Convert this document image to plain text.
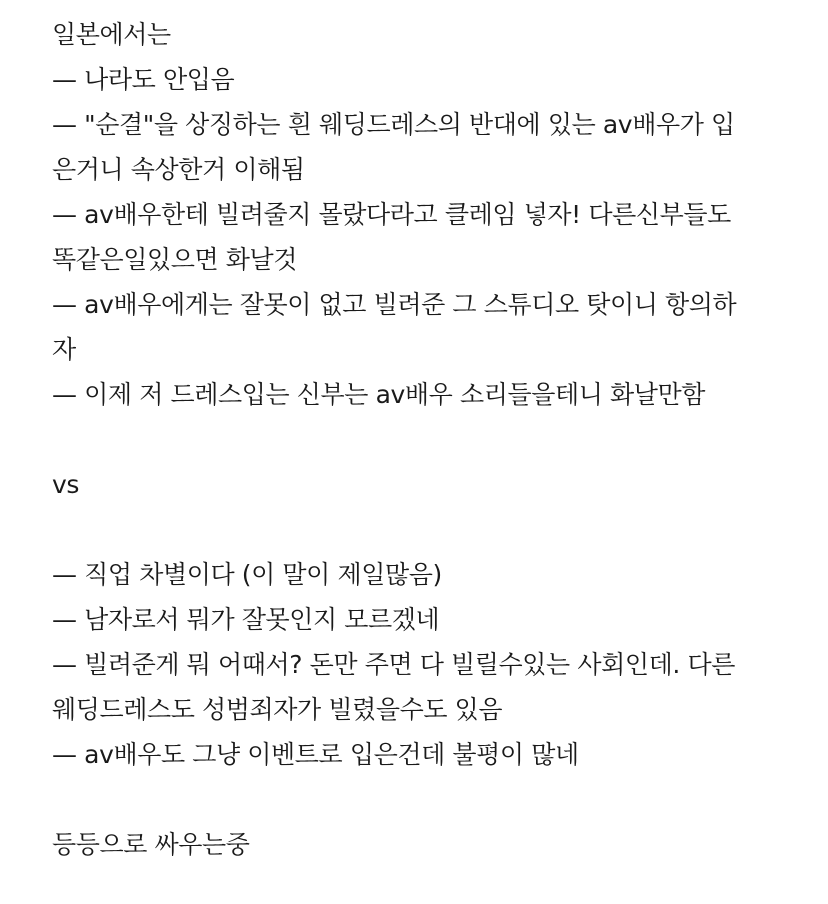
일본에서는
— 나라도 안입음
— "순결"을 상징하는 흰 웨딩드레스의 반대에 있는 av배우가 입
은거니 속상한거 이해됨
— av배우한테 빌려줄지 몰랐다라고 클레임 넣자! 다른신부들도
똑같은일있으면 화날것
— av배우에게는 잘못이 없고 빌려준 그 스튜디오 탓이니 항의하
자
— 이제 저 드레스입는 신부는 av배우 소리들을테니 화날만함
vs
— 직업 차별이다 (이 말이 제일많음)
— 남자로서 뭐가 잘못인지 모르겠네
— 빌려준게 뭐 어때서? 돈만 주면 다 빌릴수있는 사회인데. 다른
웨딩드레스도 성범죄자가 빌렸을수도 있음
— av배우도 그냥 이벤트로 입은건데 불평이 많네
등등으로 싸우는중
